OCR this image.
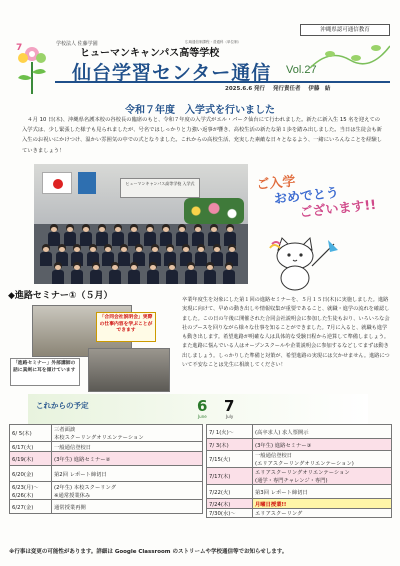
沖縄県認可通信教育
7	学校法人 佐藤学園
ヒューマンキャンパス高等学校
広域通信制課程・普通科（単位制）
仙台学習センター通信 Vol.27
2025.6.6 発行 発行責任者 伊藤　結
令和７年度　入学式を行いました
４月 10 日(木)、沖縄県名護本校の谷校長の臨席のもと、令和７年度の入学式がエル・パーク仙台にて行われました。新たに新入生 15 名を迎えての入学式は、少し緊張した様子も見られましたが、号名ではしっかりと力強い返事が響き、高校生活の新たな第１歩を踏み出しました。当日は生徒会も新入生のお祝いにかけつけ、温かい雰囲気の中での式となりました。これからの高校生活、充実した素敵な日々となるよう、一緒にいろんなことを経験していきましょう！
ヒューマンキャンパス高等学校 入学式	ご入学
おめでとう
ございます!!
◆進路セミナー①（５月）
「合同会社説明会」実際の仕事内容を学ぶことができます
「進路セミナー」外部講師の話に真剣に耳を傾けています
卒業年度生を対象にした第１回の進路セミナーを、５月１５日(木)に実施しました。進路実現に向けて、早めの動き出しや情報収集が重要であること、就職・進学の流れを確認しました。この日の午後に開催された合同会社説明会に参加した生徒もおり、いろいろな会社のブースを回りながら様々な仕事を知ることができました。7月に入ると、就職も進学も動き出します。希望進路が明確な人は具体的な受験日程から逆算して準備しましょう。また進路に悩んでいる人はオープンスクールや企業説明会に参加するなどしてまずは動き出しましょう。しっかりした準備と対策が、希望進路の実現には欠かせません。進路について不安なことは先生に相談してください！
これからの予定	6
June
7
July
6/ 5(木)	三者面談
本校スクーリングオリエンテーション
6/17(火)	一般通信登校日
6/19(木)	(3年生) 進路セミナー②
6/20(金)	第2回 レポート締切日
6/23(月)～
6/26(木)	(2年生) 本校スクーリング
※通常授業休み
6/27(金)	通常授業再開
7/ 1(火)～	(高卒求人) 求人票開示
7/ 3(木)	(3年生) 進路セミナー③
7/15(火)	一般通信登校日
(エリアスクーリングオリエンテーション)
7/17(木)	エリアスクーリングオリエンテーション
(通学・専門チャレンジ・専門)
7/22(火)	第3回 レポート締切日
7/24(木)	月曜日授業!!
7/30(水)～	エリアスクーリング
※行事は変更の可能性があります。詳細は Google Classroom のストリームや学校通信等でお知らせします。
